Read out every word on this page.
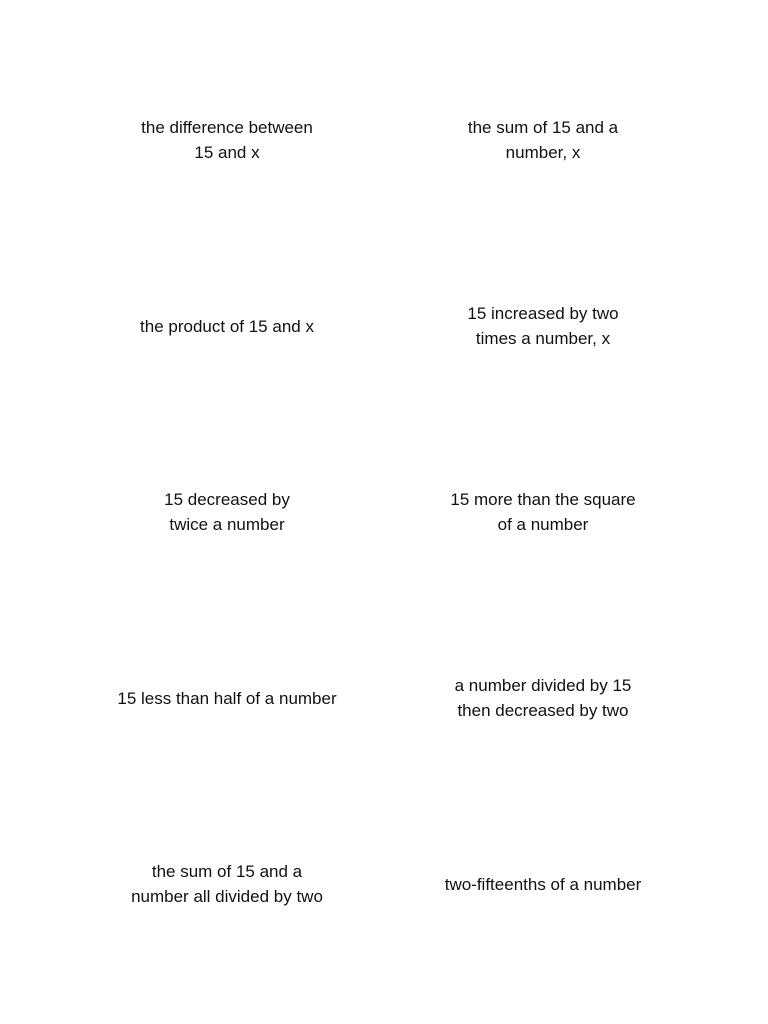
the difference between
15 and x
the sum of 15 and a
number, x
the product of 15 and x
15 increased by two
times a number, x
15 decreased by
twice a number
15 more than the square
of a number
15 less than half of a number
a number divided by 15
then decreased by two
the sum of 15 and a
number all divided by two
two-fifteenths of a number
